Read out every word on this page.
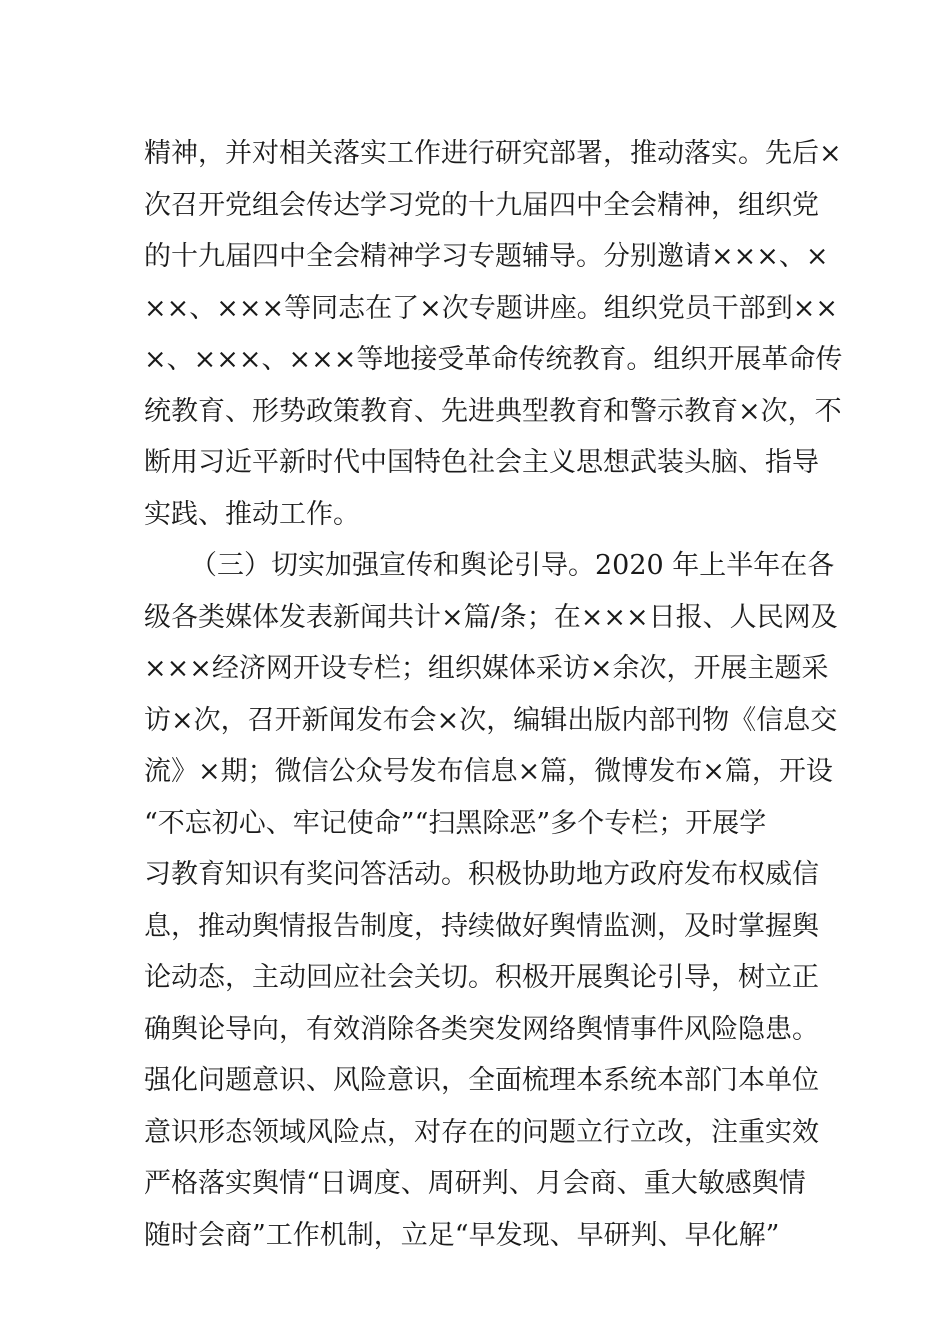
精神，并对相关落实工作进行研究部署，推动落实。先后×
次召开党组会传达学习党的十九届四中全会精神，组织党
的十九届四中全会精神学习专题辅导。分别邀请×××、×
××、×××等同志在了×次专题讲座。组织党员干部到××
×、×××、×××等地接受革命传统教育。组织开展革命传
统教育、形势政策教育、先进典型教育和警示教育×次，不
断用习近平新时代中国特色社会主义思想武装头脑、指导
实践、推动工作。
（三）切实加强宣传和舆论引导。2020 年上半年在各
级各类媒体发表新闻共计×篇/条；在×××日报、人民网及
×××经济网开设专栏；组织媒体采访×余次，开展主题采
访×次，召开新闻发布会×次，编辑出版内部刊物《信息交
流》×期；微信公众号发布信息×篇，微博发布×篇，开设
“不忘初心、牢记使命”“扫黑除恶”多个专栏；开展学
习教育知识有奖问答活动。积极协助地方政府发布权威信
息，推动舆情报告制度，持续做好舆情监测，及时掌握舆
论动态，主动回应社会关切。积极开展舆论引导，树立正
确舆论导向，有效消除各类突发网络舆情事件风险隐患。
强化问题意识、风险意识，全面梳理本系统本部门本单位
意识形态领域风险点，对存在的问题立行立改，注重实效
严格落实舆情“日调度、周研判、月会商、重大敏感舆情
随时会商”工作机制，立足“早发现、早研判、早化解”
